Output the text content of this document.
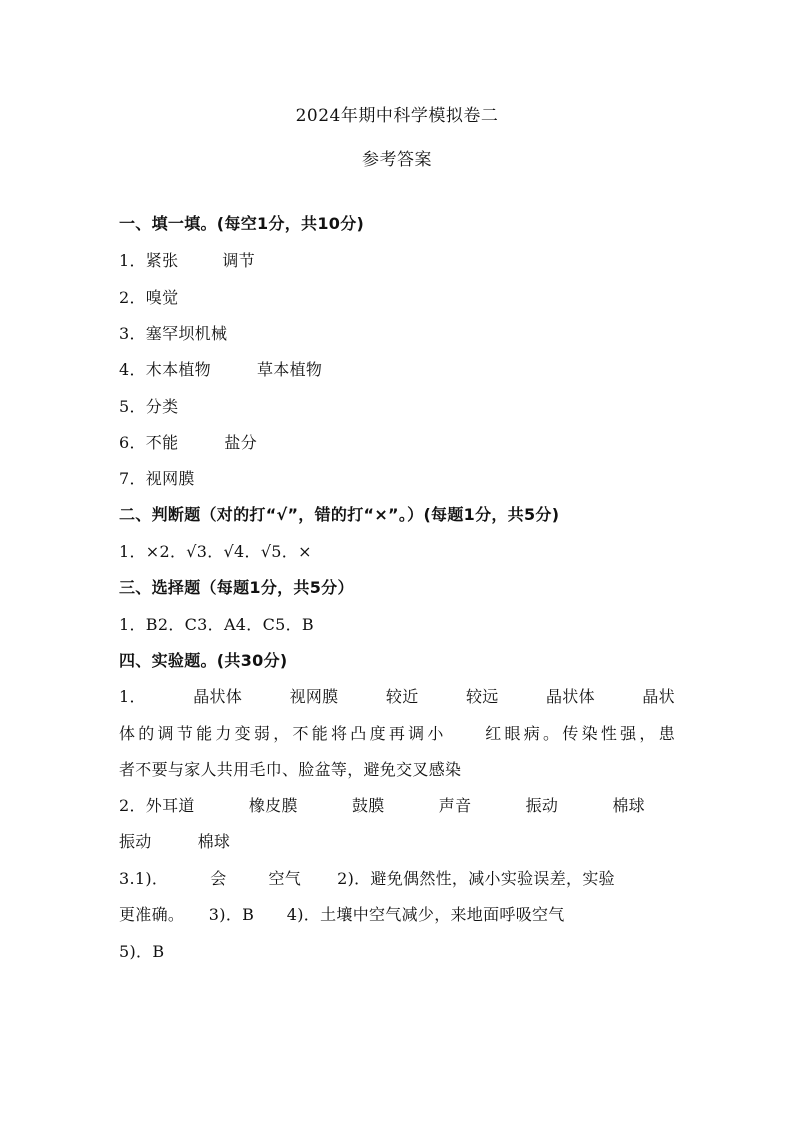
2024年期中科学模拟卷二
参考答案
一、填一填。(每空1分，共10分)
1．紧张	调节
2．嗅觉
3．塞罕坝机械
4．木本植物	草本植物
5．分类
6．不能	盐分
7．视网膜
二、判断题（对的打“√”，错的打“×”。）(每题1分，共5分)
1．×2．√3．√4．√5．×
三、选择题（每题1分，共5分）
1．B2．C3．A4．C5．B
四、实验题。(共30分)
1．	晶状体	视网膜	较近	较远	晶状体	晶状
体的调节能力变弱，不能将凸度再调小　　红眼病。传染性强，患
者不要与家人共用毛巾、脸盆等，避免交叉感染
2．外耳道	橡皮膜	鼓膜	声音	振动	棉球
振动	棉球
3.1)．	会	空气 2)．避免偶然性，减小实验误差，实验
更准确。　　3)．B　　4)．土壤中空气减少，来地面呼吸空气
5)．B
